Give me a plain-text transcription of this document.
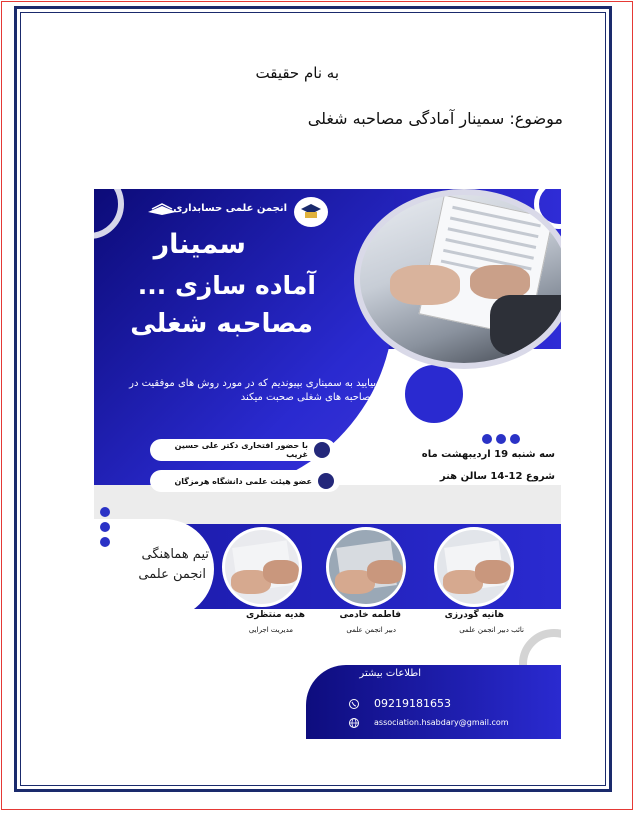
به نام حقیقت
موضوع: سمینار آمادگی مصاحبه شغلی
انجمن علمی حسابداری
سمینار
آماده سازی ...
مصاحبه شغلی
بیایید به سمیناری بپیوندیم که در مورد روش های موفقیت در مصاحبه های شغلی صحبت میکند
با حضور افتخاری دکتر علی حسین غریب
عضو هیئت علمی دانشگاه هرمزگان
سه شنبه 19 اردیبهشت ماه
شروع 12-14 سالن هنر
تیم هماهنگی
انجمن علمی
هدیه منتظری
مدیریت اجرایی
فاطمه خادمی
دبیر انجمن علمی
هانیه گودرزی
نائب دبیر انجمن علمی
اطلاعات بیشتر
09219181653
association.hsabdary@gmail.com
